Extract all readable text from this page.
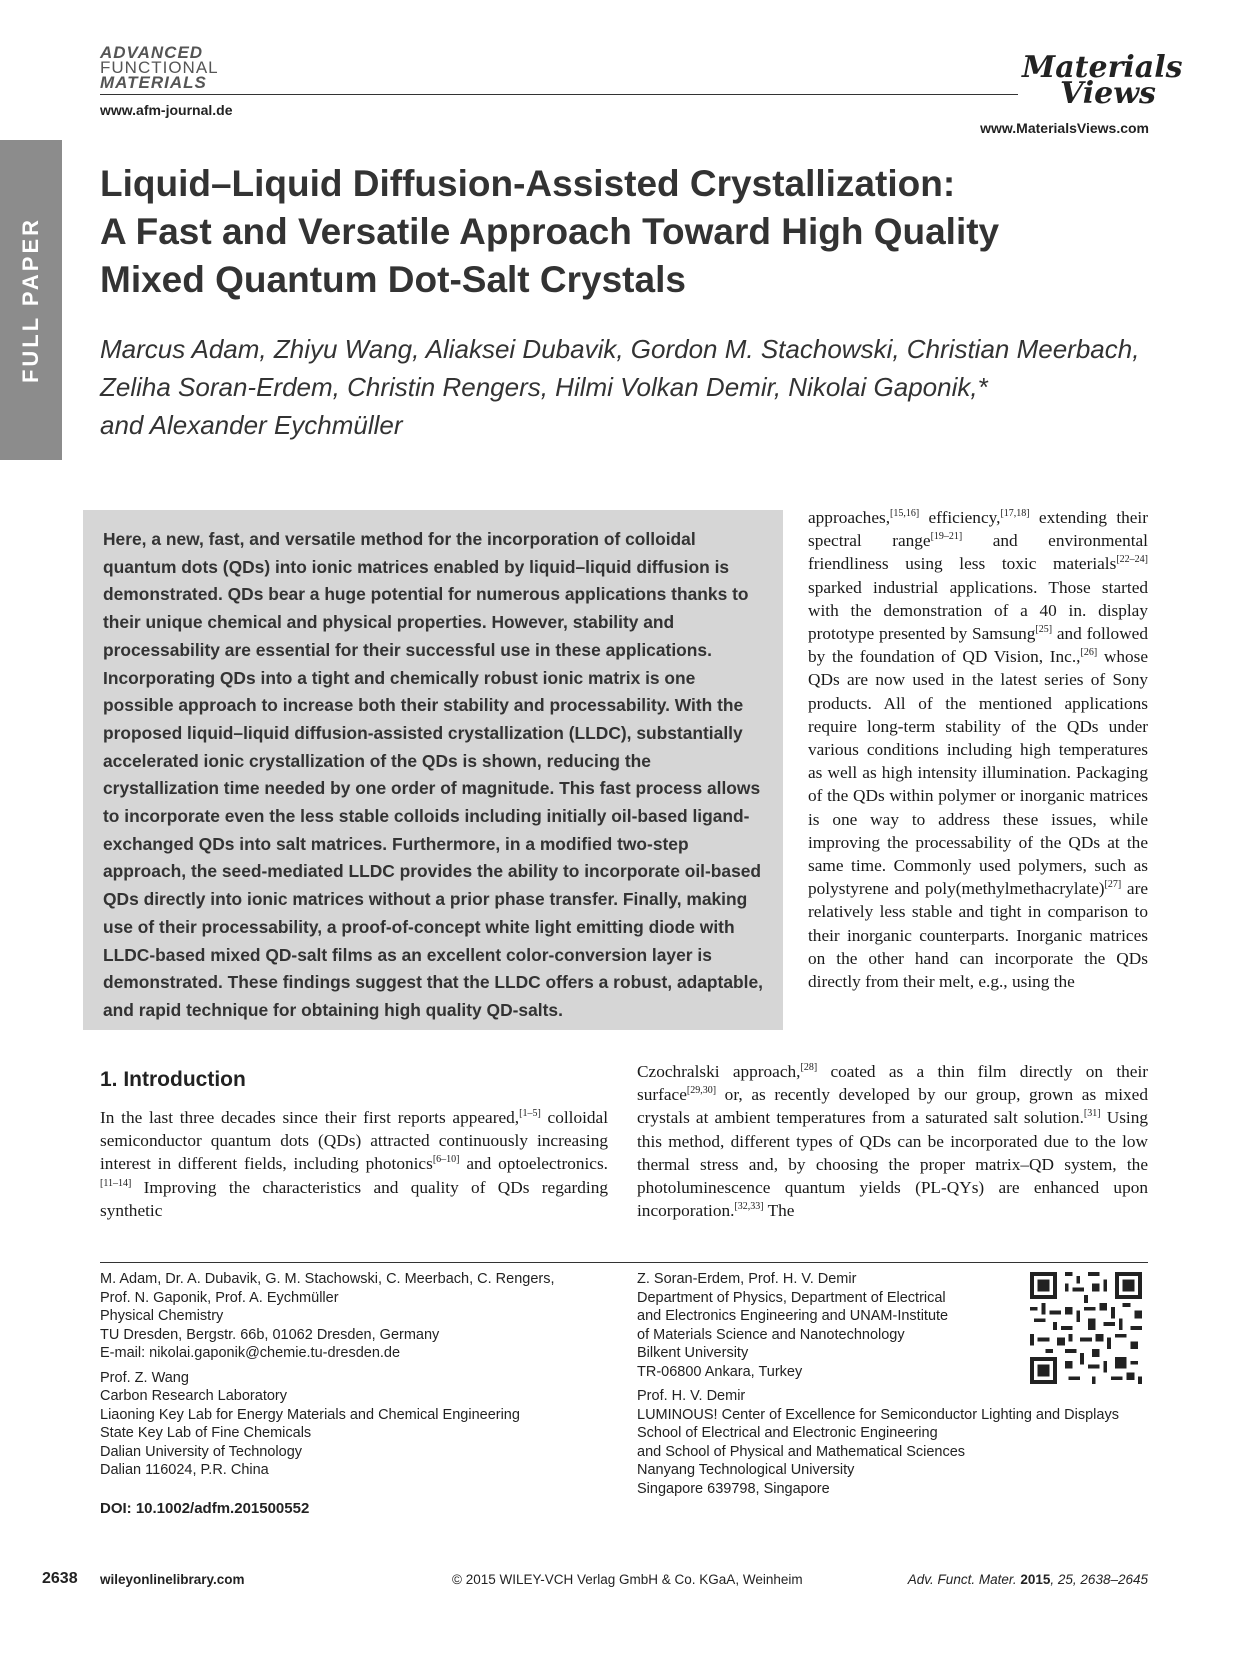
FULL PAPER
ADVANCED
FUNCTIONAL
MATERIALS
www.afm-journal.de
Materials
Views
www.MaterialsViews.com
Liquid–Liquid Diffusion-Assisted Crystallization:
A Fast and Versatile Approach Toward High Quality
Mixed Quantum Dot-Salt Crystals
Marcus Adam, Zhiyu Wang, Aliaksei Dubavik, Gordon M. Stachowski, Christian Meerbach,
Zeliha Soran-Erdem, Christin Rengers, Hilmi Volkan Demir, Nikolai Gaponik,*
and Alexander Eychmüller

Here, a new, fast, and versatile method for the incorporation of colloidal quantum dots (QDs) into ionic matrices enabled by liquid–liquid diffusion is demonstrated. QDs bear a huge potential for numerous applications thanks to their unique chemical and physical properties. However, stability and processability are essential for their successful use in these applications. Incorporating QDs into a tight and chemically robust ionic matrix is one possible approach to increase both their stability and processability. With the proposed liquid–liquid diffusion-assisted crystallization (LLDC), substantially accelerated ionic crystallization of the QDs is shown, reducing the crystallization time needed by one order of magnitude. This fast process allows to incorporate even the less stable colloids including initially oil-based ligand-exchanged QDs into salt matrices. Furthermore, in a modified two-step approach, the seed-mediated LLDC provides the ability to incorporate oil-based QDs directly into ionic matrices without a prior phase transfer. Finally, making use of their processability, a proof-of-concept white light emitting diode with LLDC-based mixed QD-salt films as an excellent color-conversion layer is demonstrated. These findings suggest that the LLDC offers a robust, adaptable, and rapid technique for obtaining high quality QD-salts.

approaches,[15,16] efficiency,[17,18] extending their spectral range[19–21] and environmental friendliness using less toxic materials[22–24] sparked industrial applications. Those started with the demonstration of a 40 in. display prototype presented by Samsung[25] and followed by the foundation of QD Vision, Inc.,[26] whose QDs are now used in the latest series of Sony products. All of the mentioned applications require long-term stability of the QDs under various conditions including high temperatures as well as high intensity illumination. Packaging of the QDs within polymer or inorganic matrices is one way to address these issues, while improving the processability of the QDs at the same time. Commonly used polymers, such as polystyrene and poly(methylmethacrylate)[27] are relatively less stable and tight in comparison to their inorganic counterparts. Inorganic matrices on the other hand can incorporate the QDs directly from their melt, e.g., using the
1. Introduction
In the last three decades since their first reports appeared,[1–5] colloidal semiconductor quantum dots (QDs) attracted continuously increasing interest in different fields, including photonics[6–10] and optoelectronics.[11–14] Improving the characteristics and quality of QDs regarding synthetic
Czochralski approach,[28] coated as a thin film directly on their surface[29,30] or, as recently developed by our group, grown as mixed crystals at ambient temperatures from a saturated salt solution.[31] Using this method, different types of QDs can be incorporated due to the low thermal stress and, by choosing the proper matrix–QD system, the photoluminescence quantum yields (PL-QYs) are enhanced upon incorporation.[32,33] The
M. Adam, Dr. A. Dubavik, G. M. Stachowski, C. Meerbach, C. Rengers,
Prof. N. Gaponik, Prof. A. Eychmüller
Physical Chemistry
TU Dresden, Bergstr. 66b, 01062 Dresden, Germany
E-mail: nikolai.gaponik@chemie.tu-dresden.de
Prof. Z. Wang
Carbon Research Laboratory
Liaoning Key Lab for Energy Materials and Chemical Engineering
State Key Lab of Fine Chemicals
Dalian University of Technology
Dalian 116024, P.R. China
Z. Soran-Erdem, Prof. H. V. Demir
Department of Physics, Department of Electrical
and Electronics Engineering and UNAM-Institute
of Materials Science and Nanotechnology
Bilkent University
TR-06800 Ankara, Turkey
Prof. H. V. Demir
LUMINOUS! Center of Excellence for Semiconductor Lighting and Displays
School of Electrical and Electronic Engineering
and School of Physical and Mathematical Sciences
Nanyang Technological University
Singapore 639798, Singapore
DOI: 10.1002/adfm.201500552
2638 wileyonlinelibrary.com	© 2015 WILEY-VCH Verlag GmbH & Co. KGaA, Weinheim	Adv. Funct. Mater. 2015, 25, 2638–2645
